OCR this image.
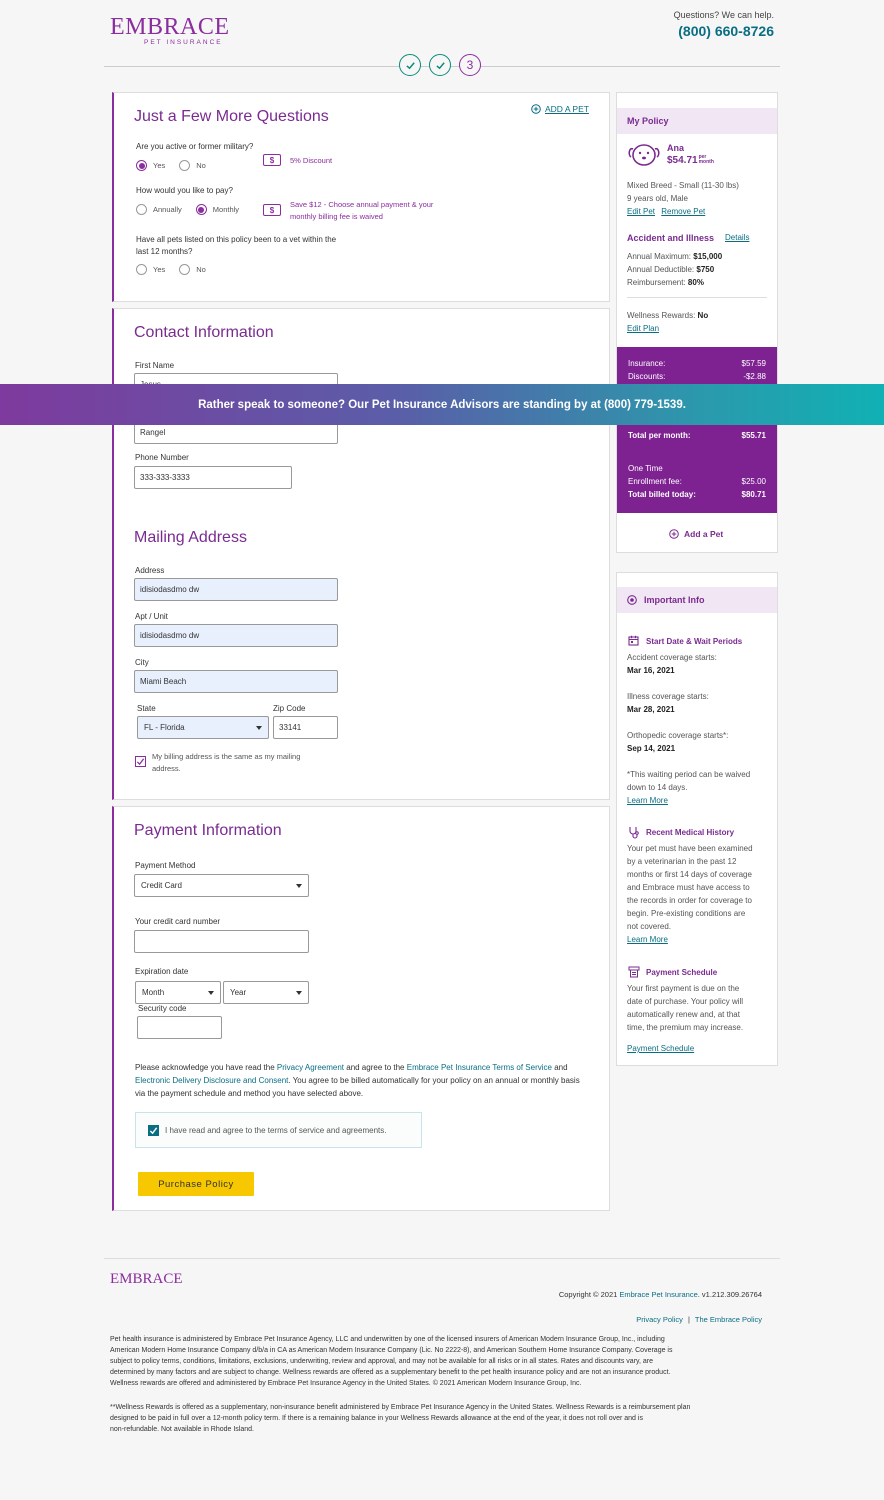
EMBRACE
PET INSURANCE
Questions? We can help.
(800) 660-8726
3
Just a Few More Questions	ADD A PET
Are you active or former military?
Yes	No
$	5% Discount
How would you like to pay?
Annually	Monthly	$
Save $12 - Choose annual payment & your
monthly billing fee is waived
Have all pets listed on this policy been to a vet within the
last 12 months?
Yes	No
Contact Information
First Name
Rangel
Phone Number
333-333-3333
Mailing Address
Address
idisiodasdmo dw
Apt / Unit
idisiodasdmo dw
City
Miami Beach
State
FL - Florida
Zip Code
33141
My billing address is the same as my mailing
address.
Payment Information
Payment Method
Credit Card
Your credit card number
Expiration date
Month	Year
Security code
Please acknowledge you have read the Privacy Agreement and agree to the Embrace Pet Insurance Terms of Service and Electronic Delivery Disclosure and Consent. You agree to be billed automatically for your policy on an annual or monthly basis via the payment schedule and method you have selected above.
I have read and agree to the terms of service and agreements.
Purchase Policy
My Policy
Ana
$54.71 per
month
Mixed Breed - Small (11-30 lbs)
9 years old, Male
Edit Pet Remove Pet
Accident and Illness Details
Annual Maximum: $15,000
Annual Deductible: $750
Reimbursement: 80%
Wellness Rewards: No
Edit Plan
Insurance:	$57.59
Discounts:	-$2.88
Total per month:	$55.71
One Time
Enrollment fee:	$25.00
Total billed today:	$80.71
Add a Pet
Important Info
Start Date & Wait Periods
Accident coverage starts:
Mar 16, 2021
Illness coverage starts:
Mar 28, 2021
Orthopedic coverage starts*:
Sep 14, 2021
*This waiting period can be waived
down to 14 days.
Learn More
Recent Medical History
Your pet must have been examined
by a veterinarian in the past 12
months or first 14 days of coverage
and Embrace must have access to
the records in order for coverage to
begin. Pre-existing conditions are
not covered.
Learn More
Payment Schedule
Your first payment is due on the
date of purchase. Your policy will
automatically renew and, at that
time, the premium may increase.
Payment Schedule
Rather speak to someone? Our Pet Insurance Advisors are standing by at (800) 779-1539.
EMBRACE
Copyright © 2021 Embrace Pet Insurance. v1.212.309.26764
Privacy Policy | The Embrace Policy
Pet health insurance is administered by Embrace Pet Insurance Agency, LLC and underwritten by one of the licensed insurers of American Modern Insurance Group, Inc., including
American Modern Home Insurance Company d/b/a in CA as American Modern Insurance Company (Lic. No 2222-8), and American Southern Home Insurance Company. Coverage is
subject to policy terms, conditions, limitations, exclusions, underwriting, review and approval, and may not be available for all risks or in all states. Rates and discounts vary, are
determined by many factors and are subject to change. Wellness rewards are offered as a supplementary benefit to the pet health insurance policy and are not an insurance product.
Wellness rewards are offered and administered by Embrace Pet Insurance Agency in the United States. © 2021 American Modern Insurance Group, Inc.
**Wellness Rewards is offered as a supplementary, non-insurance benefit administered by Embrace Pet Insurance Agency in the United States. Wellness Rewards is a reimbursement plan
designed to be paid in full over a 12-month policy term. If there is a remaining balance in your Wellness Rewards allowance at the end of the year, it does not roll over and is
non-refundable. Not available in Rhode Island.
